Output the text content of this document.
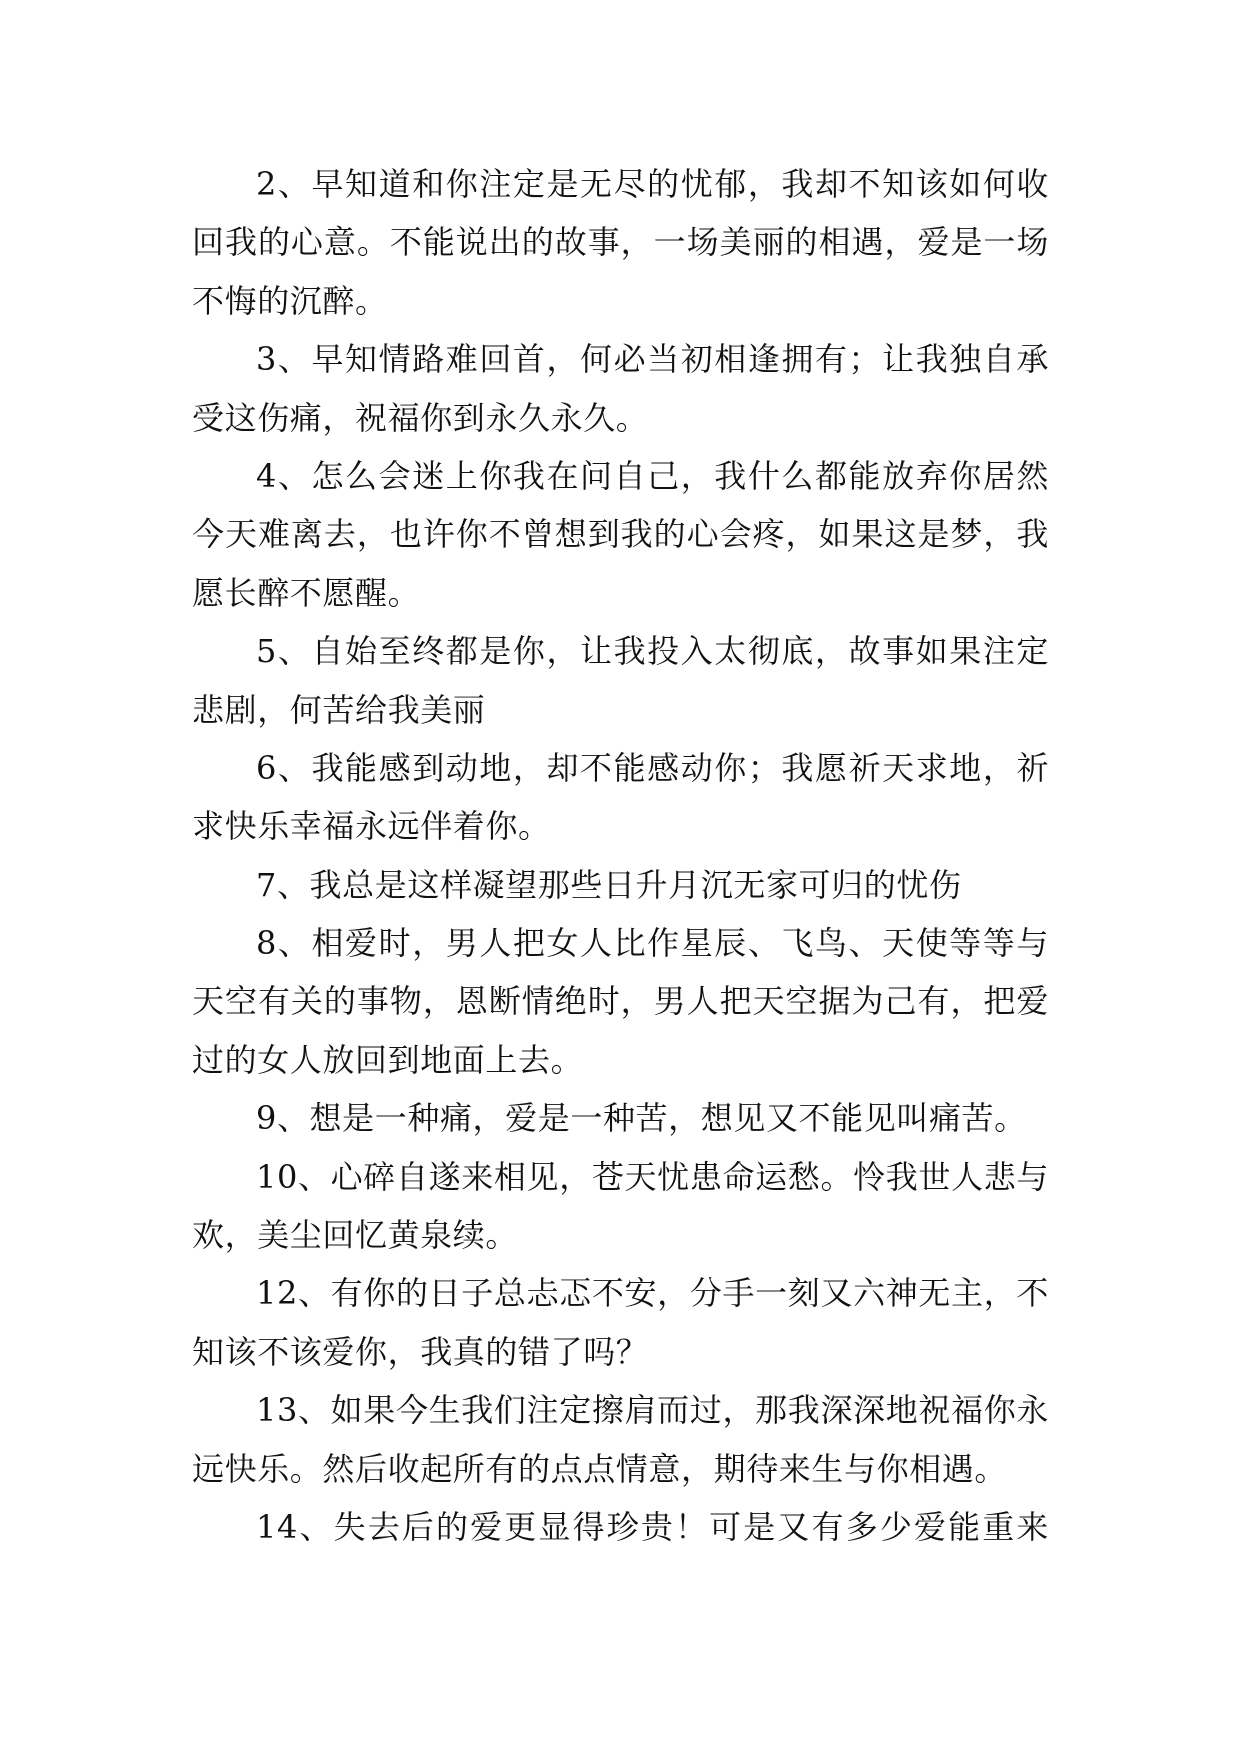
2、早知道和你注定是无尽的忧郁，我却不知该如何收
回我的心意。不能说出的故事，一场美丽的相遇，爱是一场
不悔的沉醉。
3、早知情路难回首，何必当初相逢拥有；让我独自承
受这伤痛，祝福你到永久永久。
4、怎么会迷上你我在问自己，我什么都能放弃你居然
今天难离去，也许你不曾想到我的心会疼，如果这是梦，我
愿长醉不愿醒。
5、自始至终都是你，让我投入太彻底，故事如果注定
悲剧，何苦给我美丽
6、我能感到动地，却不能感动你；我愿祈天求地，祈
求快乐幸福永远伴着你。
7、我总是这样凝望那些日升月沉无家可归的忧伤
8、相爱时，男人把女人比作星辰、飞鸟、天使等等与
天空有关的事物，恩断情绝时，男人把天空据为己有，把爱
过的女人放回到地面上去。
9、想是一种痛，爱是一种苦，想见又不能见叫痛苦。
10、心碎自遂来相见，苍天忧患命运愁。怜我世人悲与
欢，美尘回忆黄泉续。
12、有你的日子总忐忑不安，分手一刻又六神无主，不
知该不该爱你，我真的错了吗？
13、如果今生我们注定擦肩而过，那我深深地祝福你永
远快乐。然后收起所有的点点情意，期待来生与你相遇。
14、失去后的爱更显得珍贵！可是又有多少爱能重来
